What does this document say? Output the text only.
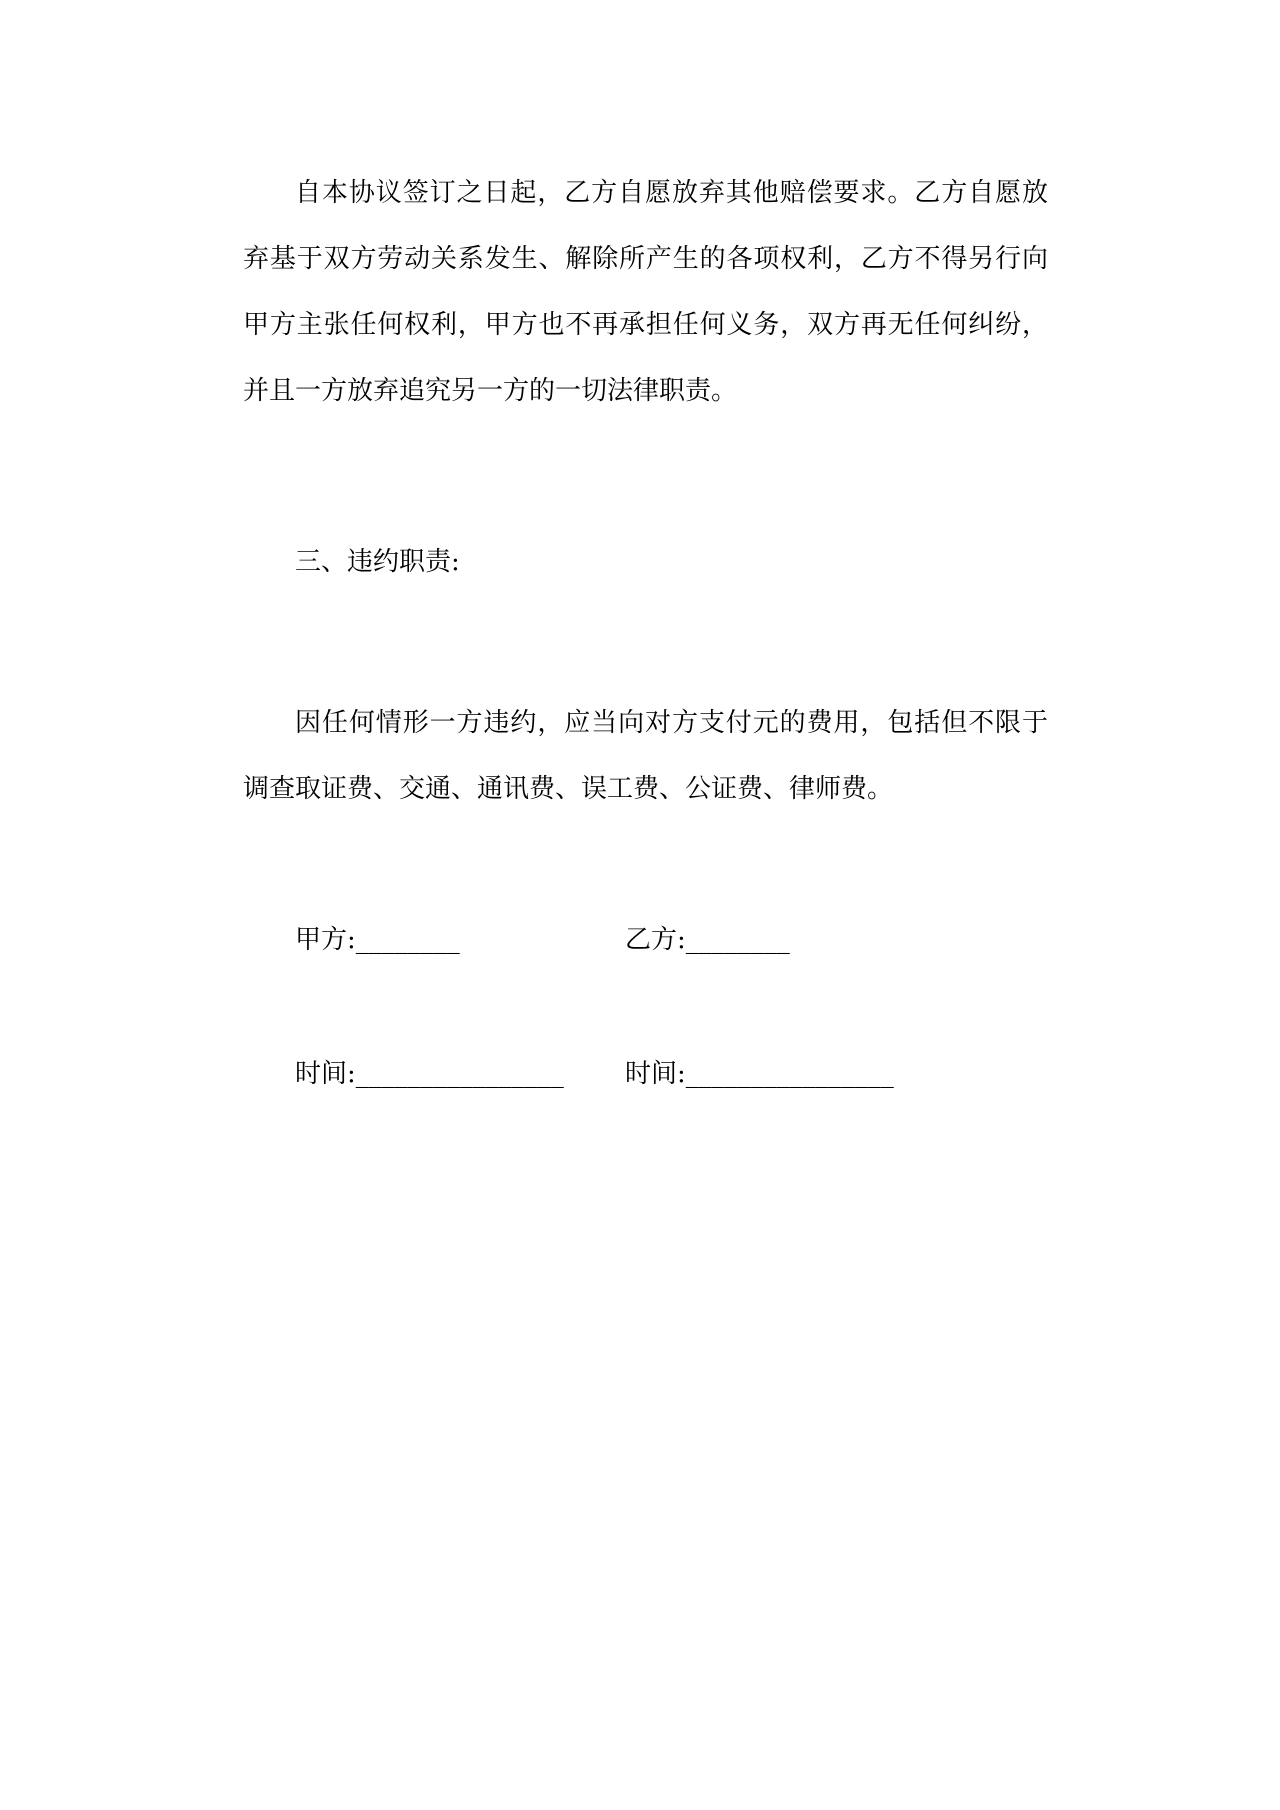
自本协议签订之日起，乙方自愿放弃其他赔偿要求。乙方自愿放弃基于双方劳动关系发生、解除所产生的各项权利，乙方不得另行向甲方主张任何权利，甲方也不再承担任何义务，双方再无任何纠纷，并且一方放弃追究另一方的一切法律职责。

三、违约职责:

因任何情形一方违约，应当向对方支付元的费用，包括但不限于调查取证费、交通、通讯费、误工费、公证费、律师费。

甲方:________	乙方:________
时间:________________ 时间:________________
